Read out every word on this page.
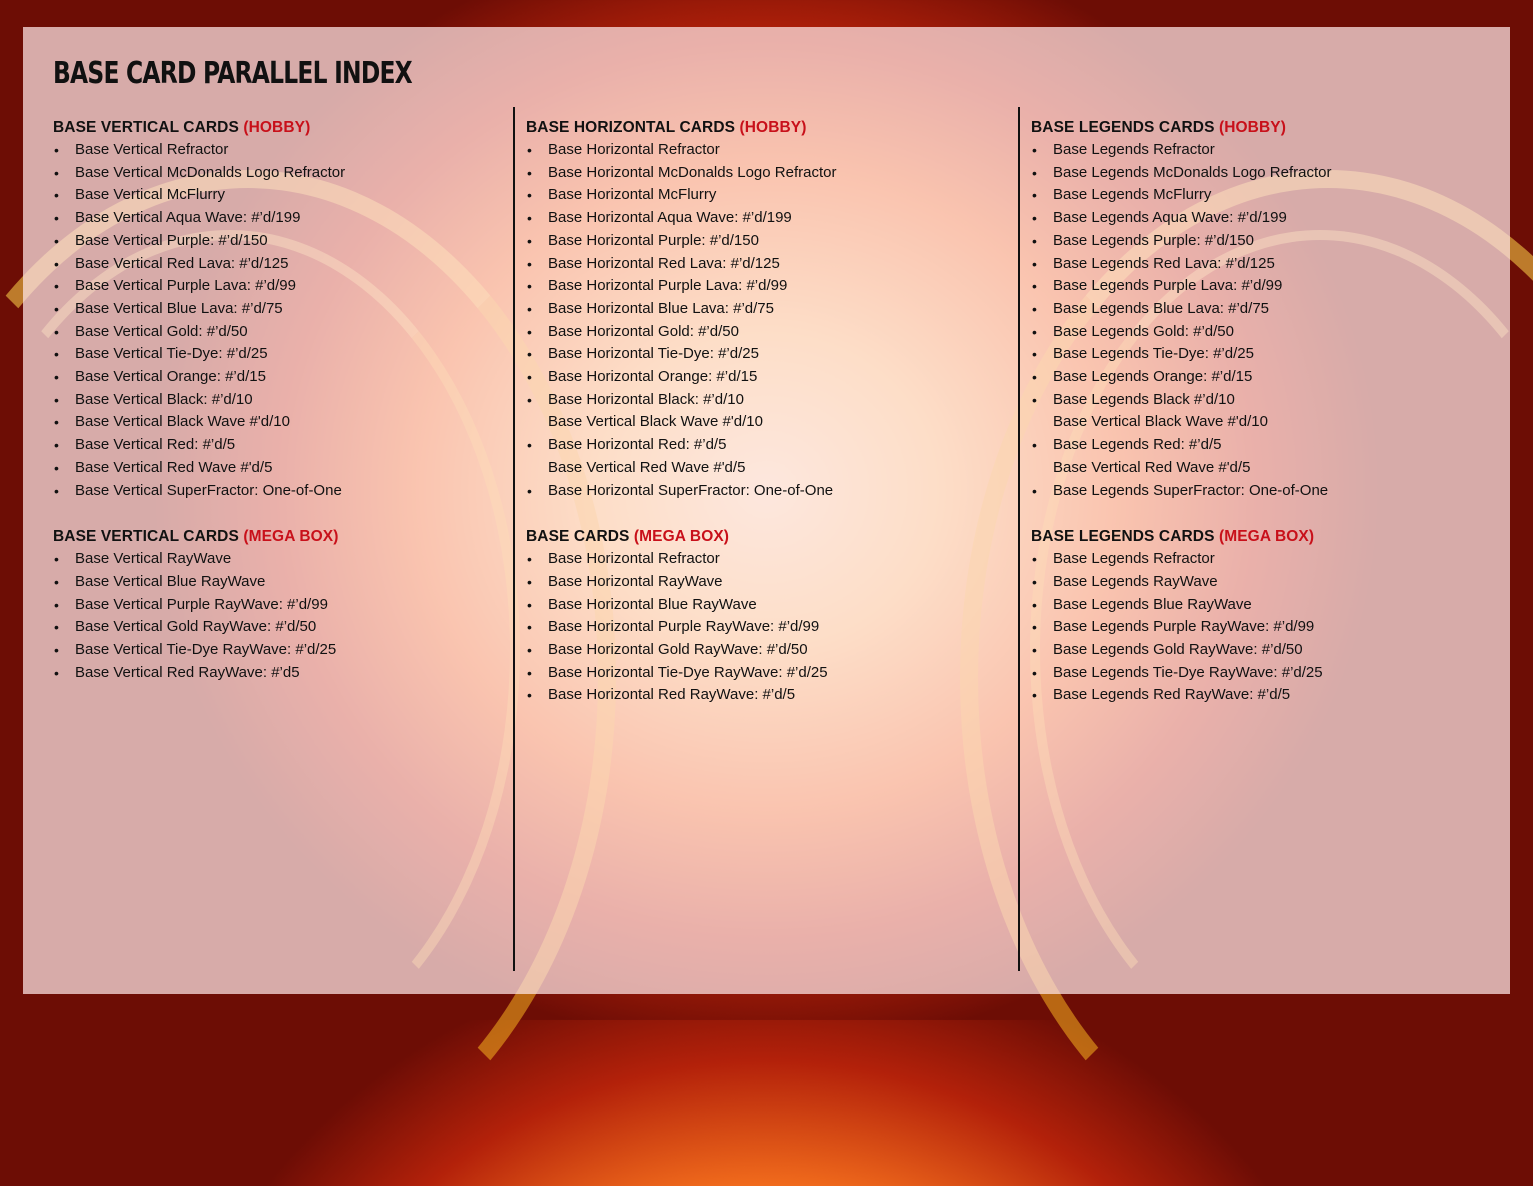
BASE CARD PARALLEL INDEX
BASE VERTICAL CARDS (HOBBY)
• Base Vertical Refractor
• Base Vertical McDonalds Logo Refractor
• Base Vertical McFlurry
• Base Vertical Aqua Wave: #’d/199
• Base Vertical Purple: #’d/150
• Base Vertical Red Lava: #’d/125
• Base Vertical Purple Lava: #’d/99
• Base Vertical Blue Lava: #’d/75
• Base Vertical Gold: #’d/50
• Base Vertical Tie-Dye: #’d/25
• Base Vertical Orange: #’d/15
• Base Vertical Black: #’d/10
• Base Vertical Black Wave #'d/10
• Base Vertical Red: #’d/5
• Base Vertical Red Wave #'d/5
• Base Vertical SuperFractor: One-of-One
BASE VERTICAL CARDS (MEGA BOX)
• Base Vertical RayWave
• Base Vertical Blue RayWave
• Base Vertical Purple RayWave: #’d/99
• Base Vertical Gold RayWave: #’d/50
• Base Vertical Tie-Dye RayWave: #’d/25
• Base Vertical Red RayWave: #’d5
BASE HORIZONTAL CARDS (HOBBY)
• Base Horizontal Refractor
• Base Horizontal McDonalds Logo Refractor
• Base Horizontal McFlurry
• Base Horizontal Aqua Wave: #’d/199
• Base Horizontal Purple: #’d/150
• Base Horizontal Red Lava: #’d/125
• Base Horizontal Purple Lava: #’d/99
• Base Horizontal Blue Lava: #’d/75
• Base Horizontal Gold: #’d/50
• Base Horizontal Tie-Dye: #’d/25
• Base Horizontal Orange: #’d/15
• Base Horizontal Black: #’d/10
Base Vertical Black Wave #'d/10
• Base Horizontal Red: #’d/5
Base Vertical Red Wave #'d/5
• Base Horizontal SuperFractor: One-of-One
BASE CARDS (MEGA BOX)
• Base Horizontal Refractor
• Base Horizontal RayWave
• Base Horizontal Blue RayWave
• Base Horizontal Purple RayWave: #’d/99
• Base Horizontal Gold RayWave: #’d/50
• Base Horizontal Tie-Dye RayWave: #’d/25
• Base Horizontal Red RayWave: #’d/5
BASE LEGENDS CARDS (HOBBY)
• Base Legends Refractor
• Base Legends McDonalds Logo Refractor
• Base Legends McFlurry
• Base Legends Aqua Wave: #’d/199
• Base Legends Purple: #’d/150
• Base Legends Red Lava: #’d/125
• Base Legends Purple Lava: #’d/99
• Base Legends Blue Lava: #’d/75
• Base Legends Gold: #’d/50
• Base Legends Tie-Dye: #’d/25
• Base Legends Orange: #’d/15
• Base Legends Black #’d/10
Base Vertical Black Wave #'d/10
• Base Legends Red: #’d/5
Base Vertical Red Wave #'d/5
• Base Legends SuperFractor: One-of-One
BASE LEGENDS CARDS (MEGA BOX)
• Base Legends Refractor
• Base Legends RayWave
• Base Legends Blue RayWave
• Base Legends Purple RayWave: #’d/99
• Base Legends Gold RayWave: #’d/50
• Base Legends Tie-Dye RayWave: #’d/25
• Base Legends Red RayWave: #’d/5
